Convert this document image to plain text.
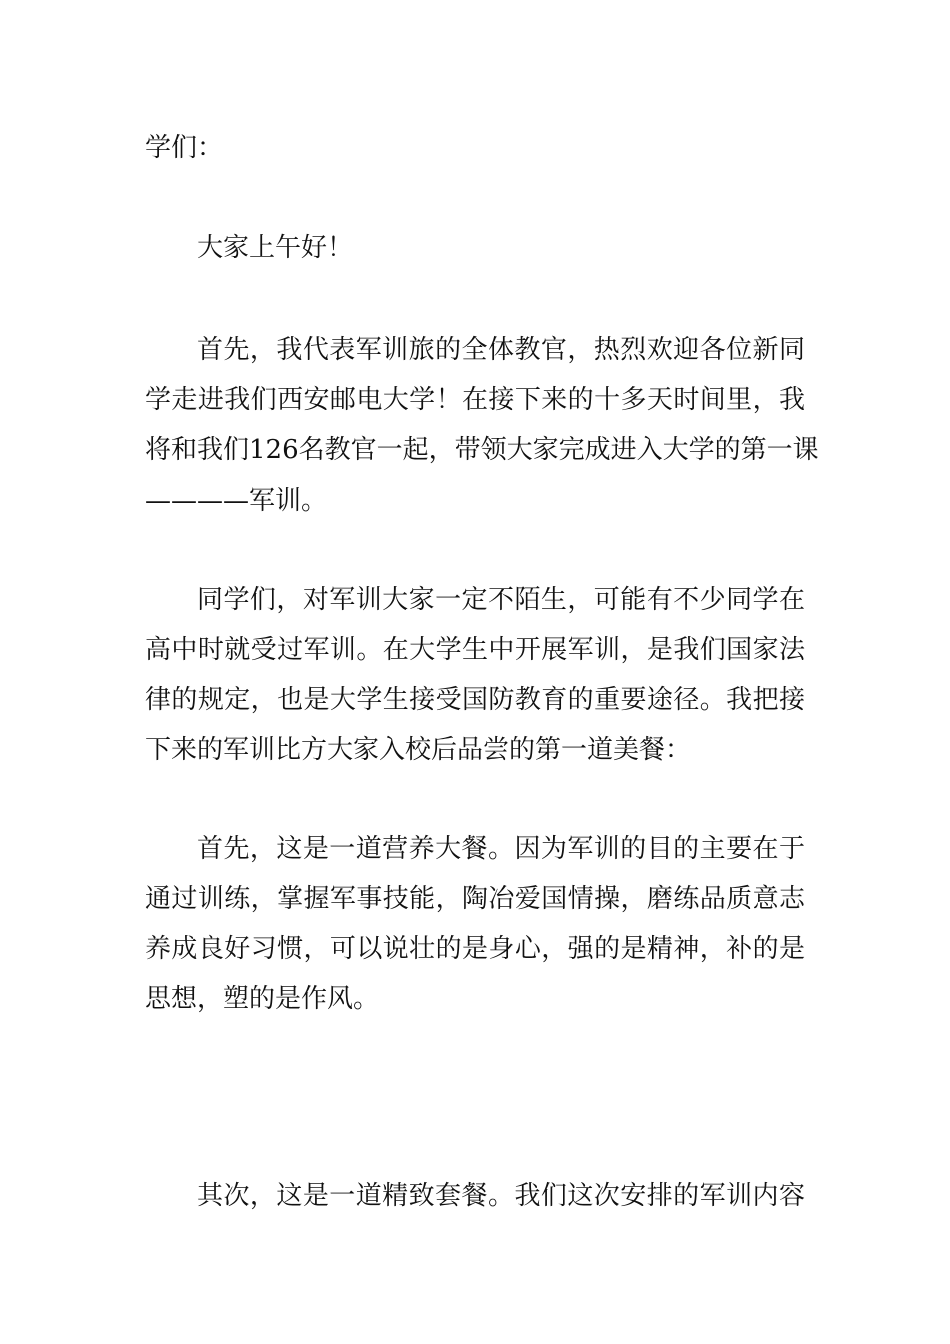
学们：
大家上午好！
首先，我代表军训旅的全体教官，热烈欢迎各位新同
学走进我们西安邮电大学！在接下来的十多天时间里，我
将和我们126名教官一起，带领大家完成进入大学的第一课
————军训。
同学们，对军训大家一定不陌生，可能有不少同学在
高中时就受过军训。在大学生中开展军训，是我们国家法
律的规定，也是大学生接受国防教育的重要途径。我把接
下来的军训比方大家入校后品尝的第一道美餐：
首先，这是一道营养大餐。因为军训的目的主要在于
通过训练，掌握军事技能，陶冶爱国情操，磨练品质意志
养成良好习惯，可以说壮的是身心，强的是精神，补的是
思想，塑的是作风。
其次，这是一道精致套餐。我们这次安排的军训内容
